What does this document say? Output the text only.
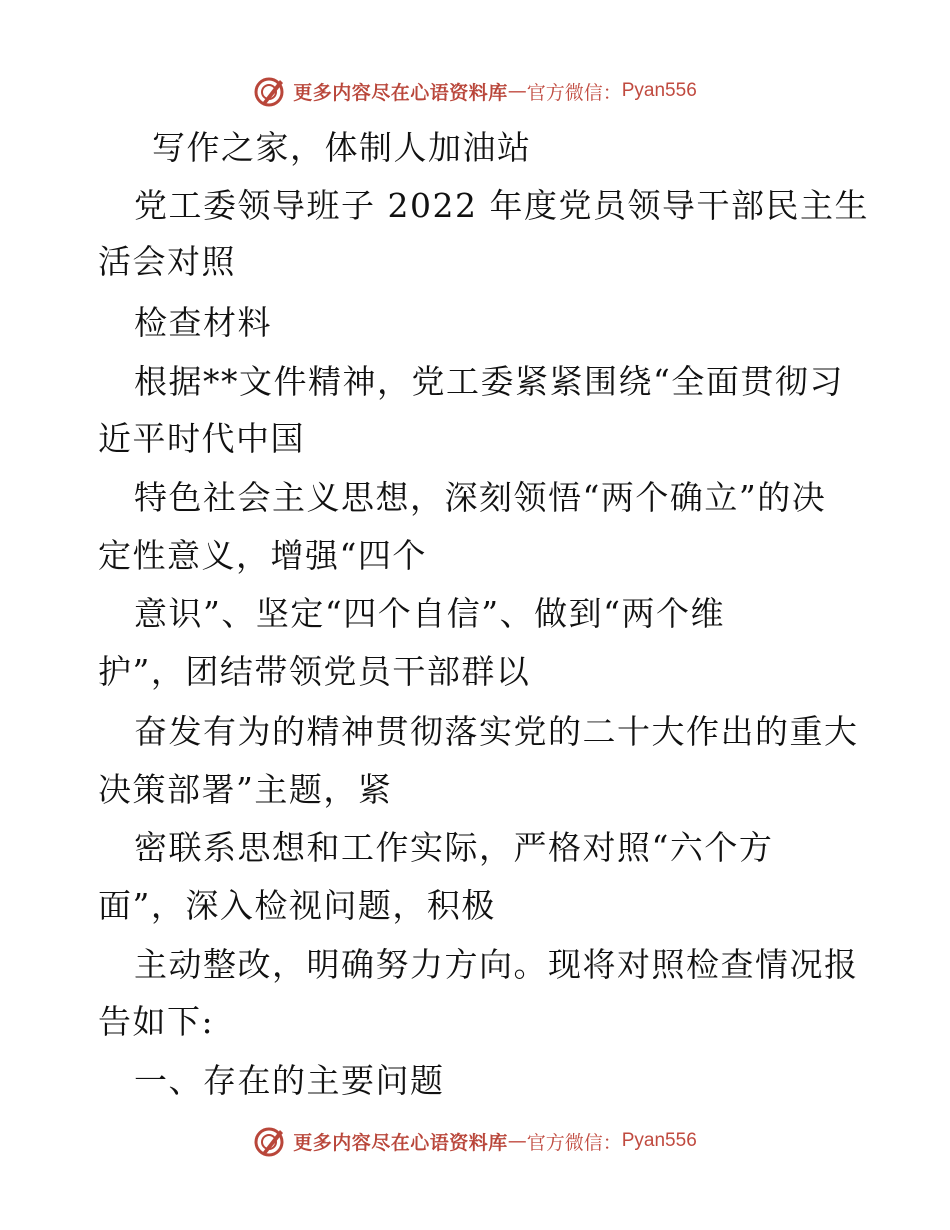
更多内容尽在心语资料库 — 官方微信： Pyan556
写作之家，体制人加油站
党工委领导班子 2022 年度党员领导干部民主生
活会对照
检查材料
根据**文件精神，党工委紧紧围绕“全面贯彻习
近平时代中国
特色社会主义思想，深刻领悟“两个确立”的决
定性意义，增强“四个
意识”、坚定“四个自信”、做到“两个维
护”，团结带领党员干部群以
奋发有为的精神贯彻落实党的二十大作出的重大
决策部署”主题，紧
密联系思想和工作实际，严格对照“六个方
面”，深入检视问题，积极
主动整改，明确努力方向。现将对照检查情况报
告如下:
一、存在的主要问题
更多内容尽在心语资料库 — 官方微信： Pyan556
